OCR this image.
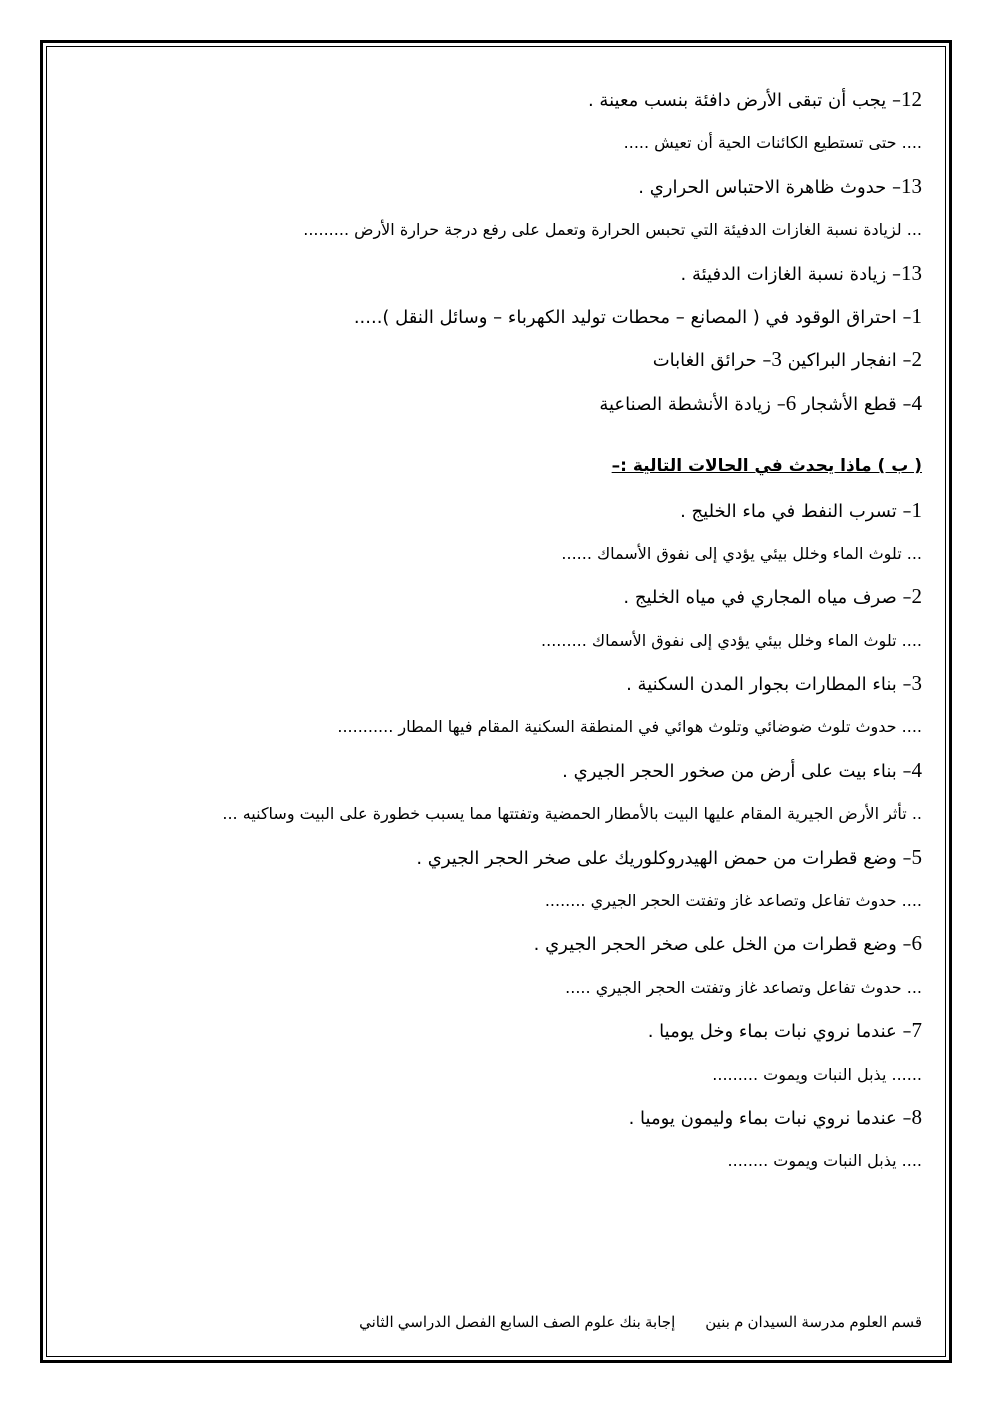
12– يجب أن تبقى الأرض دافئة بنسب معينة .
.... حتى تستطيع الكائنات الحية أن تعيش .....
13– حدوث ظاهرة الاحتباس الحراري .
... لزيادة نسبة الغازات الدفيئة التي تحبس الحرارة وتعمل على رفع درجة حرارة الأرض .........
13– زيادة نسبة الغازات الدفيئة .
1– احتراق الوقود في ( المصانع – محطات توليد الكهرباء – وسائل النقل ).....
2– انفجار البراكين 3– حرائق الغابات
4– قطع الأشجار 6– زيادة الأنشطة الصناعية
( ب ) ماذا يحدث في الحالات التالية :–
1– تسرب النفط في ماء الخليج .
... تلوث الماء وخلل بيئي يؤدي إلى نفوق الأسماك ......
2– صرف مياه المجاري في مياه الخليج .
.... تلوث الماء وخلل بيئي يؤدي إلى نفوق الأسماك .........
3– بناء المطارات بجوار المدن السكنية .
.... حدوث تلوث ضوضائي وتلوث هوائي في المنطقة السكنية المقام فيها المطار ...........
4– بناء بيت على أرض من صخور الحجر الجيري .
.. تأثر الأرض الجيرية المقام عليها البيت بالأمطار الحمضية وتفتتها مما يسبب خطورة على البيت وساكنيه ...
5– وضع قطرات من حمض الهيدروكلوريك على صخر الحجر الجيري .
.... حدوث تفاعل وتصاعد غاز وتفتت الحجر الجيري ........
6– وضع قطرات من الخل على صخر الحجر الجيري .
... حدوث تفاعل وتصاعد غاز وتفتت الحجر الجيري .....
7– عندما نروي نبات بماء وخل يوميا .
...... يذبل النبات ويموت .........
8– عندما نروي نبات بماء وليمون يوميا .
.... يذبل النبات ويموت ........
قسم العلوم مدرسة السيدان م بنينإجابة بنك علوم الصف السابع الفصل الدراسي الثاني
